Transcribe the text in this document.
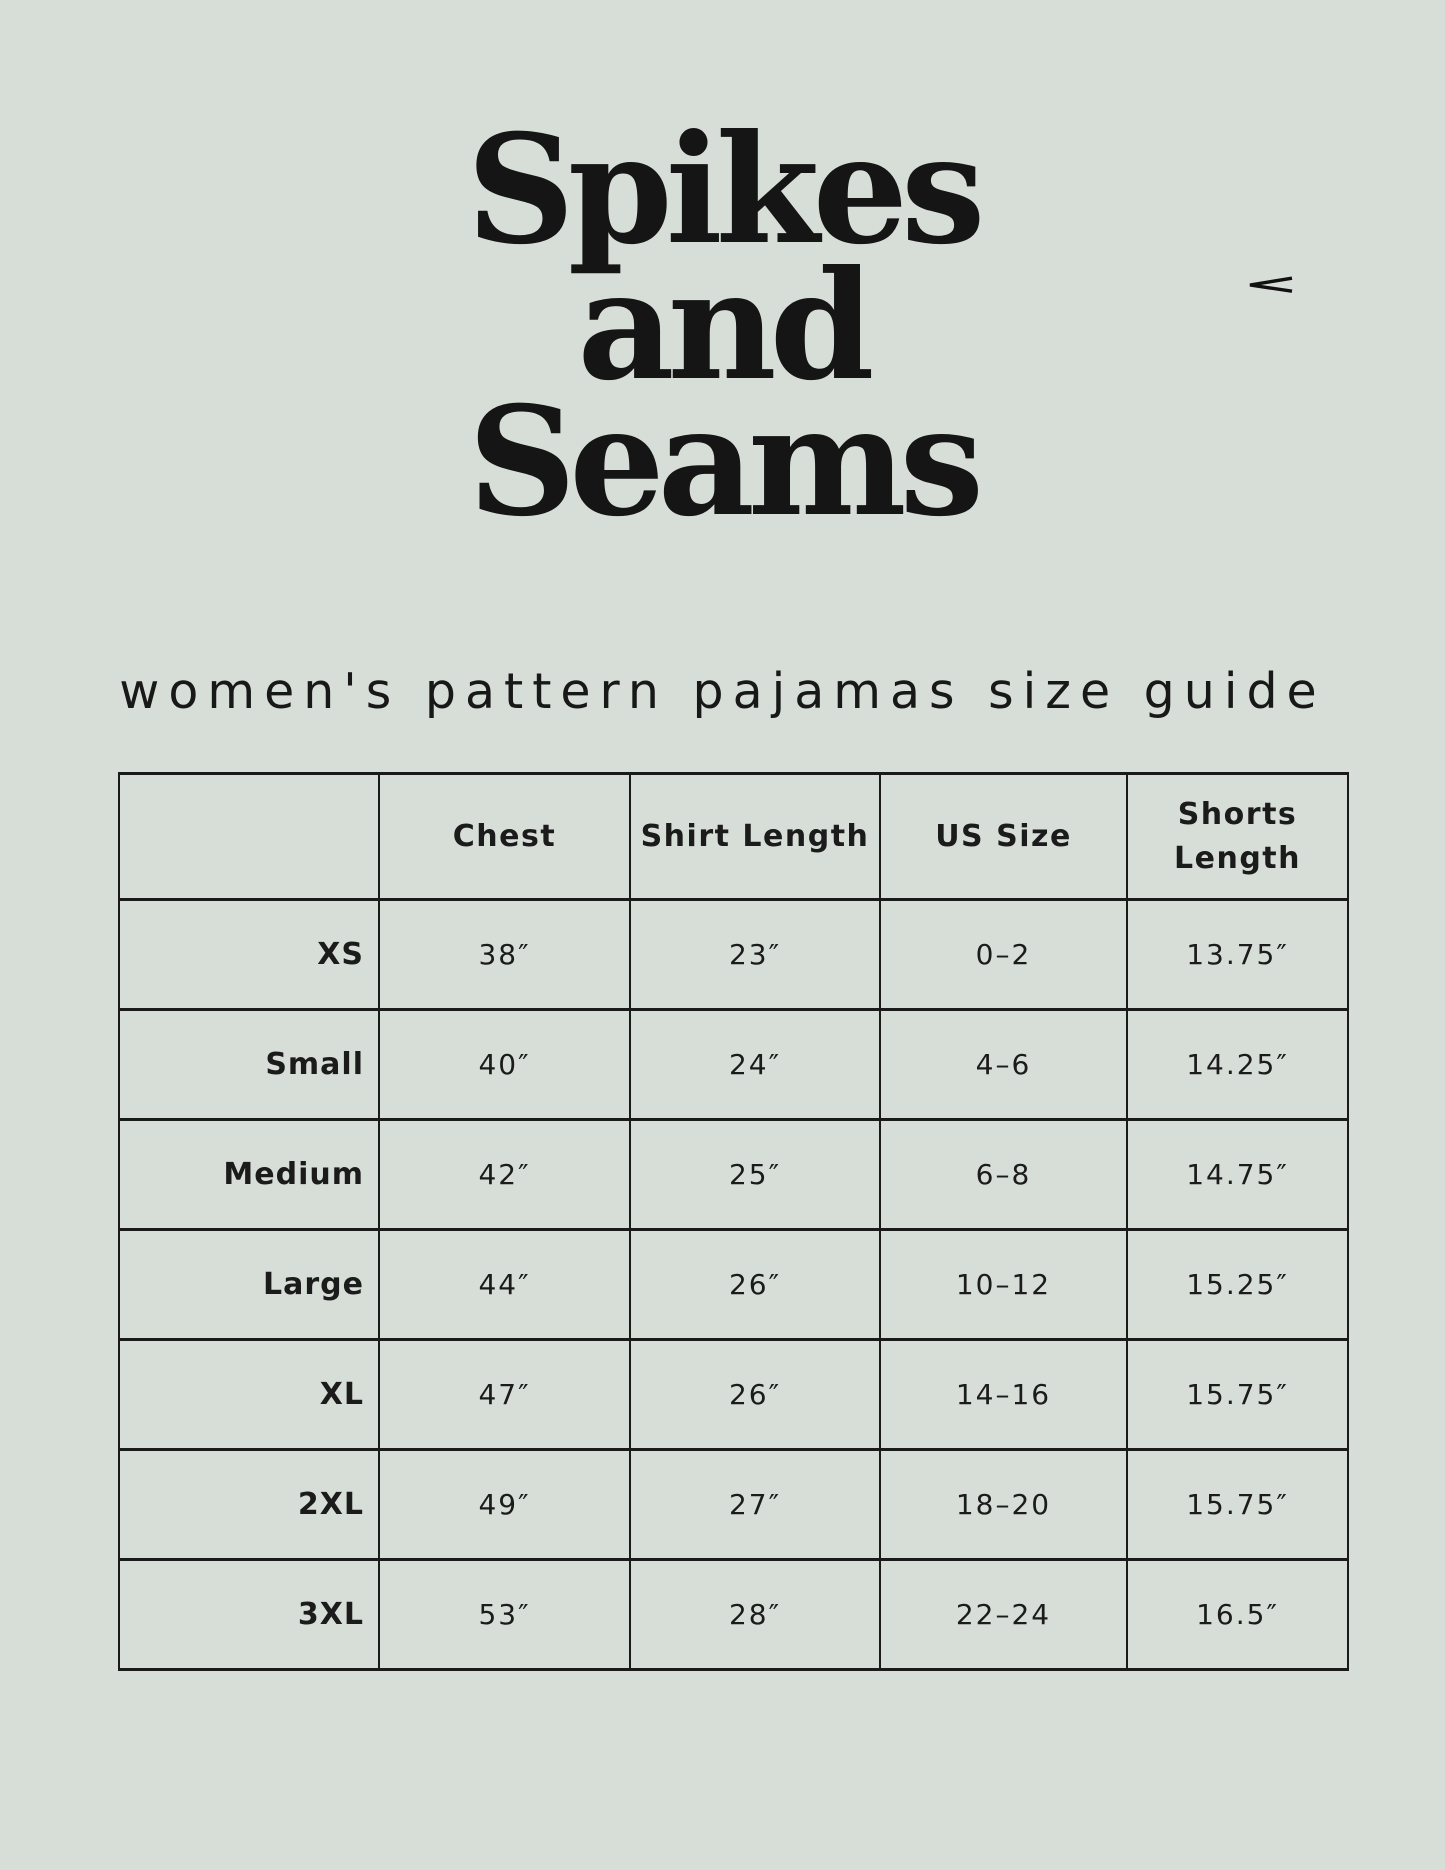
Spikes
and
Seams
women's pattern pajamas size guide
	Chest	Shirt Length	US Size	Shorts Length
XS	38″	23″	0–2	13.75″
Small	40″	24″	4–6	14.25″
Medium	42″	25″	6–8	14.75″
Large	44″	26″	10–12	15.25″
XL	47″	26″	14–16	15.75″
2XL	49″	27″	18–20	15.75″
3XL	53″	28″	22–24	16.5″
